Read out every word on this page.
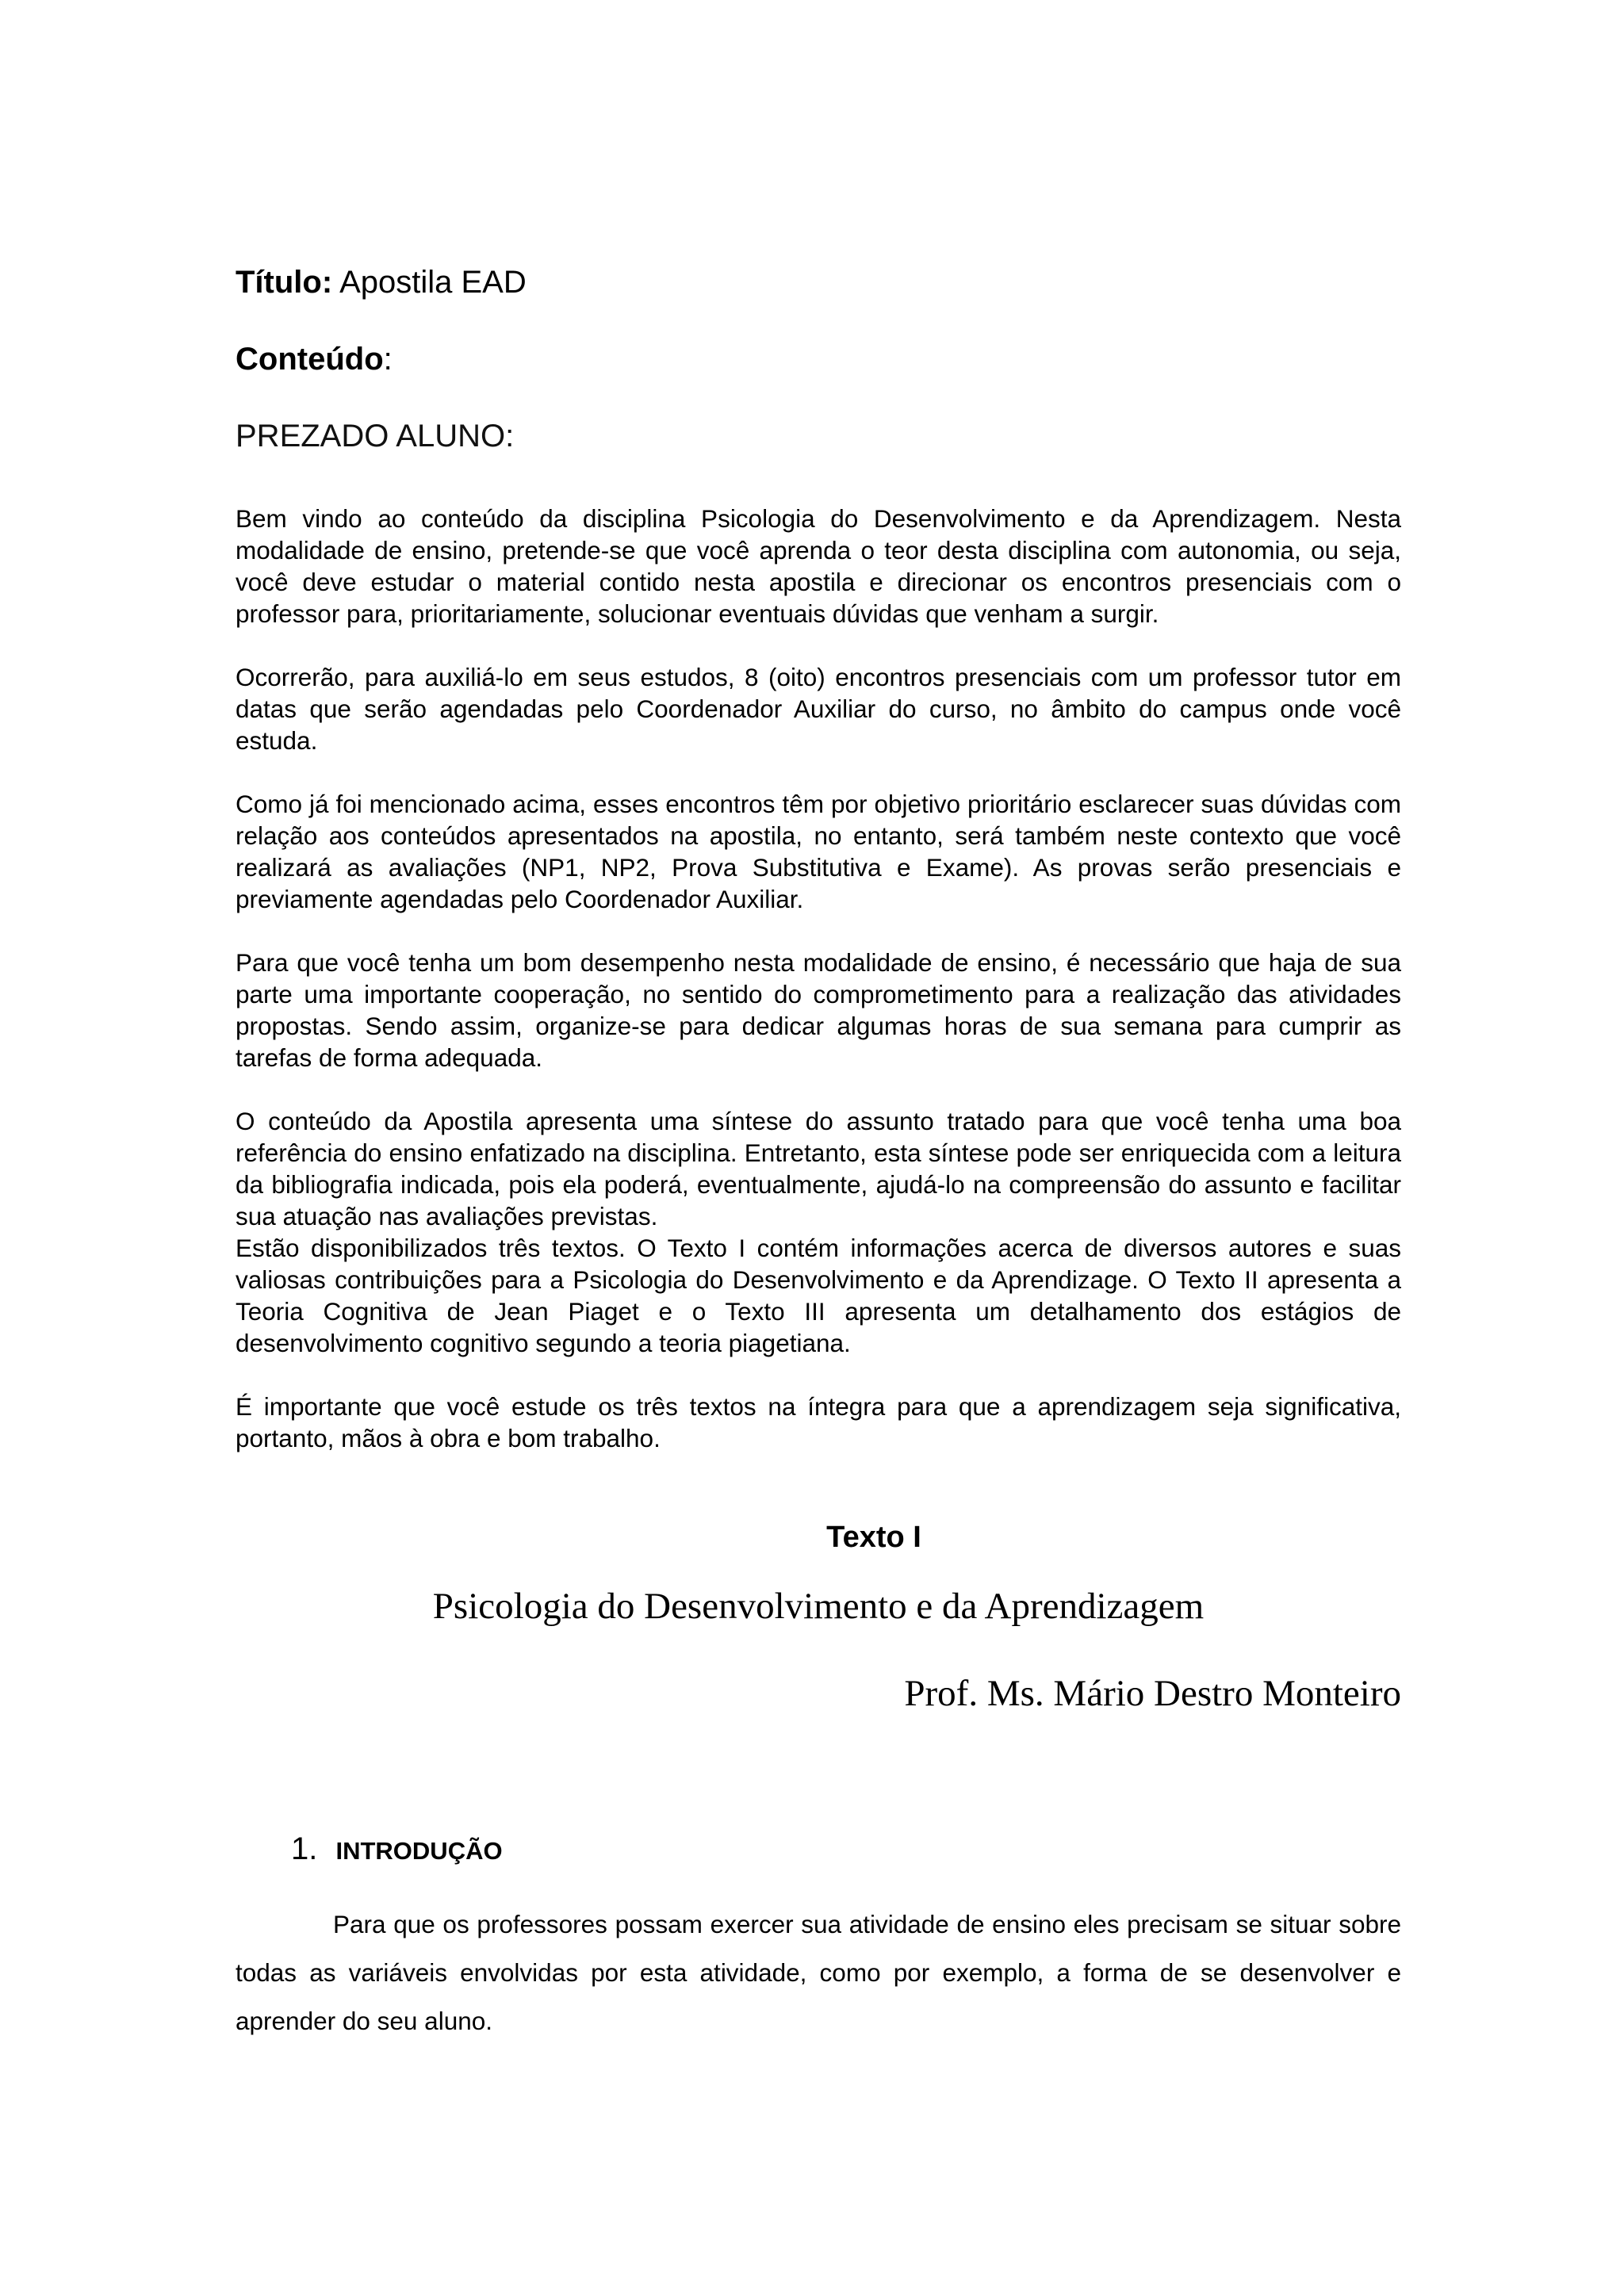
Título: Apostila EAD

Conteúdo:

PREZADO ALUNO:

Bem vindo ao conteúdo da disciplina Psicologia do Desenvolvimento e da Aprendizagem. Nesta modalidade de ensino, pretende-se que você aprenda o teor desta disciplina com autonomia, ou seja, você deve estudar o material contido nesta apostila e direcionar os encontros presenciais com o professor para, prioritariamente, solucionar eventuais dúvidas que venham a surgir.

Ocorrerão, para auxiliá-lo em seus estudos, 8 (oito) encontros presenciais com um professor tutor em datas que serão agendadas pelo Coordenador Auxiliar do curso, no âmbito do campus onde você estuda.

Como já foi mencionado acima, esses encontros têm por objetivo prioritário esclarecer suas dúvidas com relação aos conteúdos apresentados na apostila, no entanto, será também neste contexto que você realizará as avaliações (NP1, NP2, Prova Substitutiva e Exame). As provas serão presenciais e previamente agendadas pelo Coordenador Auxiliar.

Para que você tenha um bom desempenho nesta modalidade de ensino, é necessário que haja de sua parte uma importante cooperação, no sentido do comprometimento para a realização das atividades propostas. Sendo assim, organize-se para dedicar algumas horas de sua semana para cumprir as tarefas de forma adequada.

O conteúdo da Apostila apresenta uma síntese do assunto tratado para que você tenha uma boa referência do ensino enfatizado na disciplina. Entretanto, esta síntese pode ser enriquecida com a leitura da bibliografia indicada, pois ela poderá, eventualmente, ajudá-lo na compreensão do assunto e facilitar sua atuação nas avaliações previstas.

Estão disponibilizados três textos. O Texto I contém informações acerca de diversos autores e suas valiosas contribuições para a Psicologia do Desenvolvimento e da Aprendizage. O Texto II apresenta a Teoria Cognitiva de Jean Piaget e o Texto III apresenta um detalhamento dos estágios de desenvolvimento cognitivo segundo a teoria piagetiana.

É importante que você estude os três textos na íntegra para que a aprendizagem seja significativa, portanto, mãos à obra e bom trabalho.

Texto I

Psicologia do Desenvolvimento e da Aprendizagem

Prof. Ms. Mário Destro Monteiro

1. INTRODUÇÃO

Para que os professores possam exercer sua atividade de ensino eles precisam se situar sobre todas as variáveis envolvidas por esta atividade, como por exemplo, a forma de se desenvolver e aprender do seu aluno.
